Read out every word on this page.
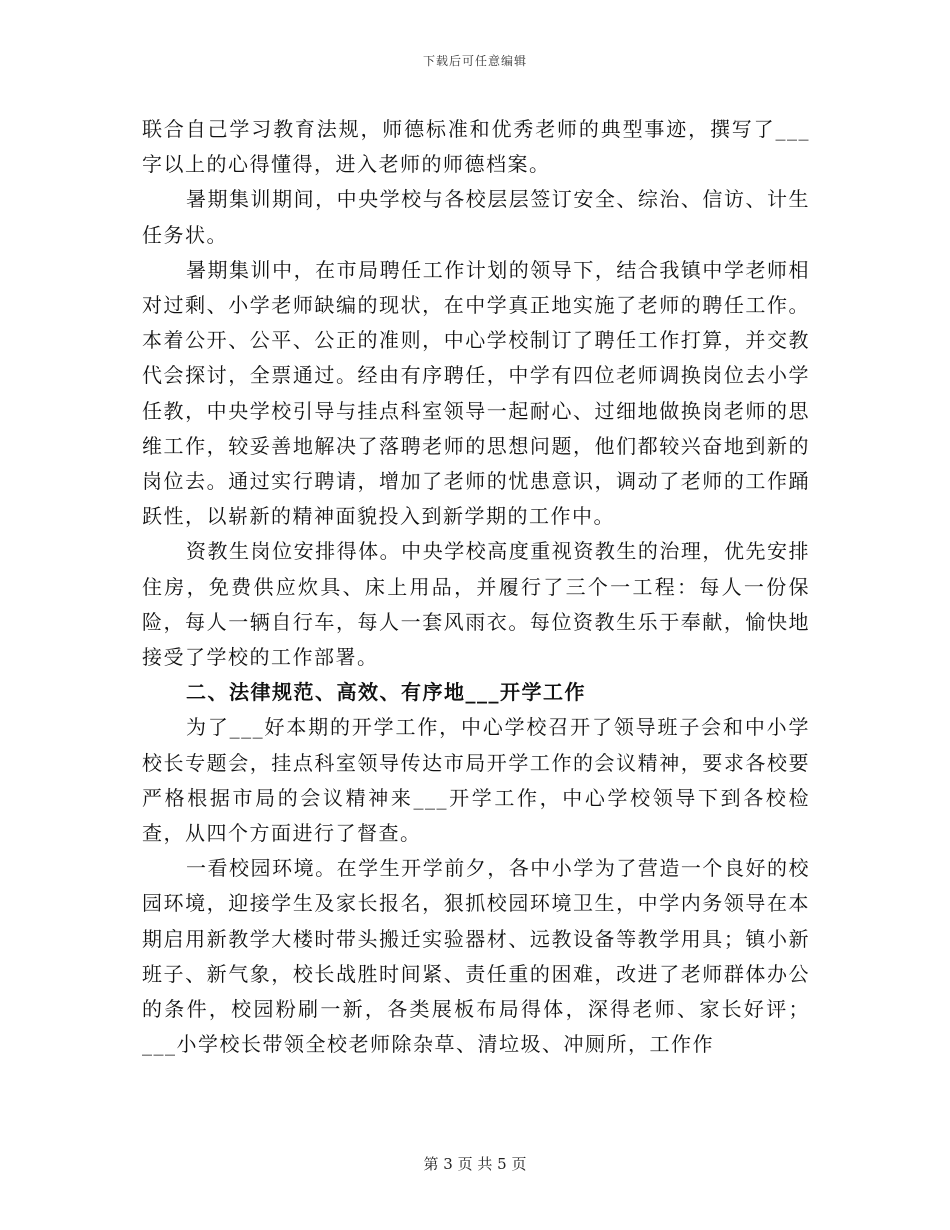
下载后可任意编辑

联合自己学习教育法规，师德标准和优秀老师的典型事迹，撰写了___字以上的心得懂得，进入老师的师德档案。

暑期集训期间，中央学校与各校层层签订安全、综治、信访、计生任务状。

暑期集训中，在市局聘任工作计划的领导下，结合我镇中学老师相对过剩、小学老师缺编的现状，在中学真正地实施了老师的聘任工作。本着公开、公平、公正的准则，中心学校制订了聘任工作打算，并交教代会探讨，全票通过。经由有序聘任，中学有四位老师调换岗位去小学任教，中央学校引导与挂点科室领导一起耐心、过细地做换岗老师的思维工作，较妥善地解决了落聘老师的思想问题，他们都较兴奋地到新的岗位去。通过实行聘请，增加了老师的忧患意识，调动了老师的工作踊跃性，以崭新的精神面貌投入到新学期的工作中。

资教生岗位安排得体。中央学校高度重视资教生的治理，优先安排住房，免费供应炊具、床上用品，并履行了三个一工程：每人一份保险，每人一辆自行车，每人一套风雨衣。每位资教生乐于奉献，愉快地接受了学校的工作部署。

二、法律规范、高效、有序地___开学工作

为了___好本期的开学工作，中心学校召开了领导班子会和中小学校长专题会，挂点科室领导传达市局开学工作的会议精神，要求各校要严格根据市局的会议精神来___开学工作，中心学校领导下到各校检查，从四个方面进行了督查。

一看校园环境。在学生开学前夕，各中小学为了营造一个良好的校园环境，迎接学生及家长报名，狠抓校园环境卫生，中学内务领导在本期启用新教学大楼时带头搬迁实验器材、远教设备等教学用具；镇小新班子、新气象，校长战胜时间紧、责任重的困难，改进了老师群体办公的条件，校园粉刷一新，各类展板布局得体，深得老师、家长好评；___小学校长带领全校老师除杂草、清垃圾、冲厕所，工作作

第 3 页 共 5 页
